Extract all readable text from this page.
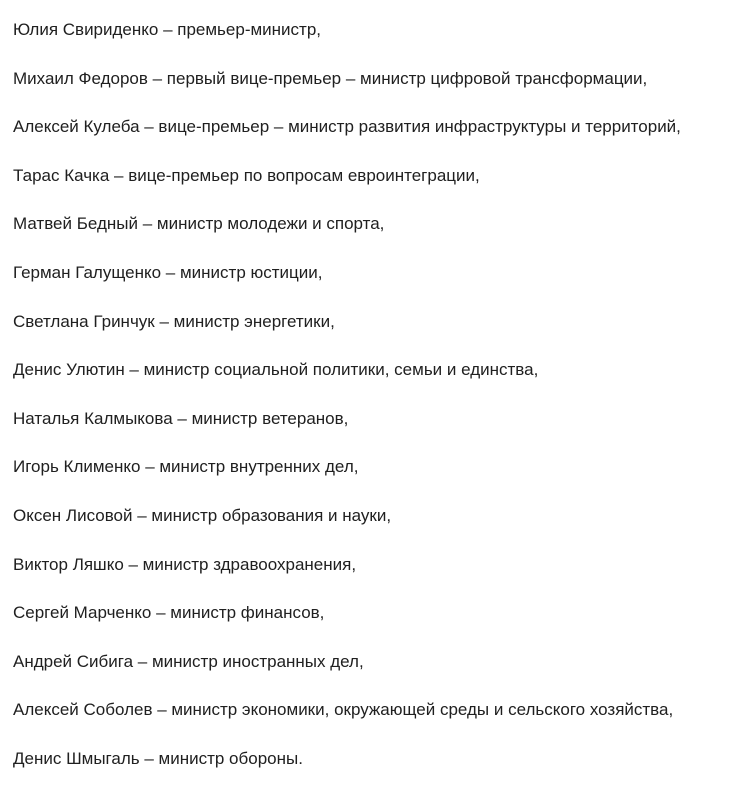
Юлия Свириденко – премьер-министр,
Михаил Федоров – первый вице-премьер – министр цифровой трансформации,
Алексей Кулеба – вице-премьер – министр развития инфраструктуры и территорий,
Тарас Качка – вице-премьер по вопросам евроинтеграции,
Матвей Бедный – министр молодежи и спорта,
Герман Галущенко – министр юстиции,
Светлана Гринчук – министр энергетики,
Денис Улютин – министр социальной политики, семьи и единства,
Наталья Калмыкова – министр ветеранов,
Игорь Клименко – министр внутренних дел,
Оксен Лисовой – министр образования и науки,
Виктор Ляшко – министр здравоохранения,
Сергей Марченко – министр финансов,
Андрей Сибига – министр иностранных дел,
Алексей Соболев – министр экономики, окружающей среды и сельского хозяйства,
Денис Шмыгаль – министр обороны.
